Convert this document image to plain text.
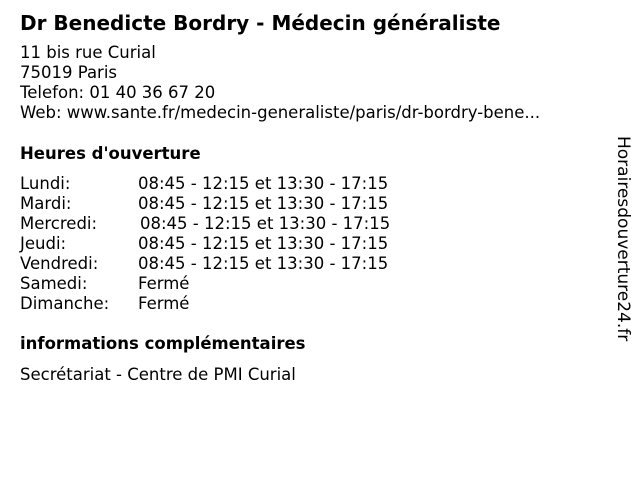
Dr Benedicte Bordry - Médecin généraliste
11 bis rue Curial
75019 Paris
Telefon: 01 40 36 67 20
Web: www.sante.fr/medecin-generaliste/paris/dr-bordry-bene...
Heures d'ouverture
Lundi:	08:45 - 12:15 et 13:30 - 17:15
Mardi:	08:45 - 12:15 et 13:30 - 17:15
Mercredi:	08:45 - 12:15 et 13:30 - 17:15
Jeudi:	08:45 - 12:15 et 13:30 - 17:15
Vendredi: 08:45 - 12:15 et 13:30 - 17:15
Samedi:	Fermé
Dimanche: Fermé
informations complémentaires
Secrétariat - Centre de PMI Curial
Horairesdouverture24.fr
